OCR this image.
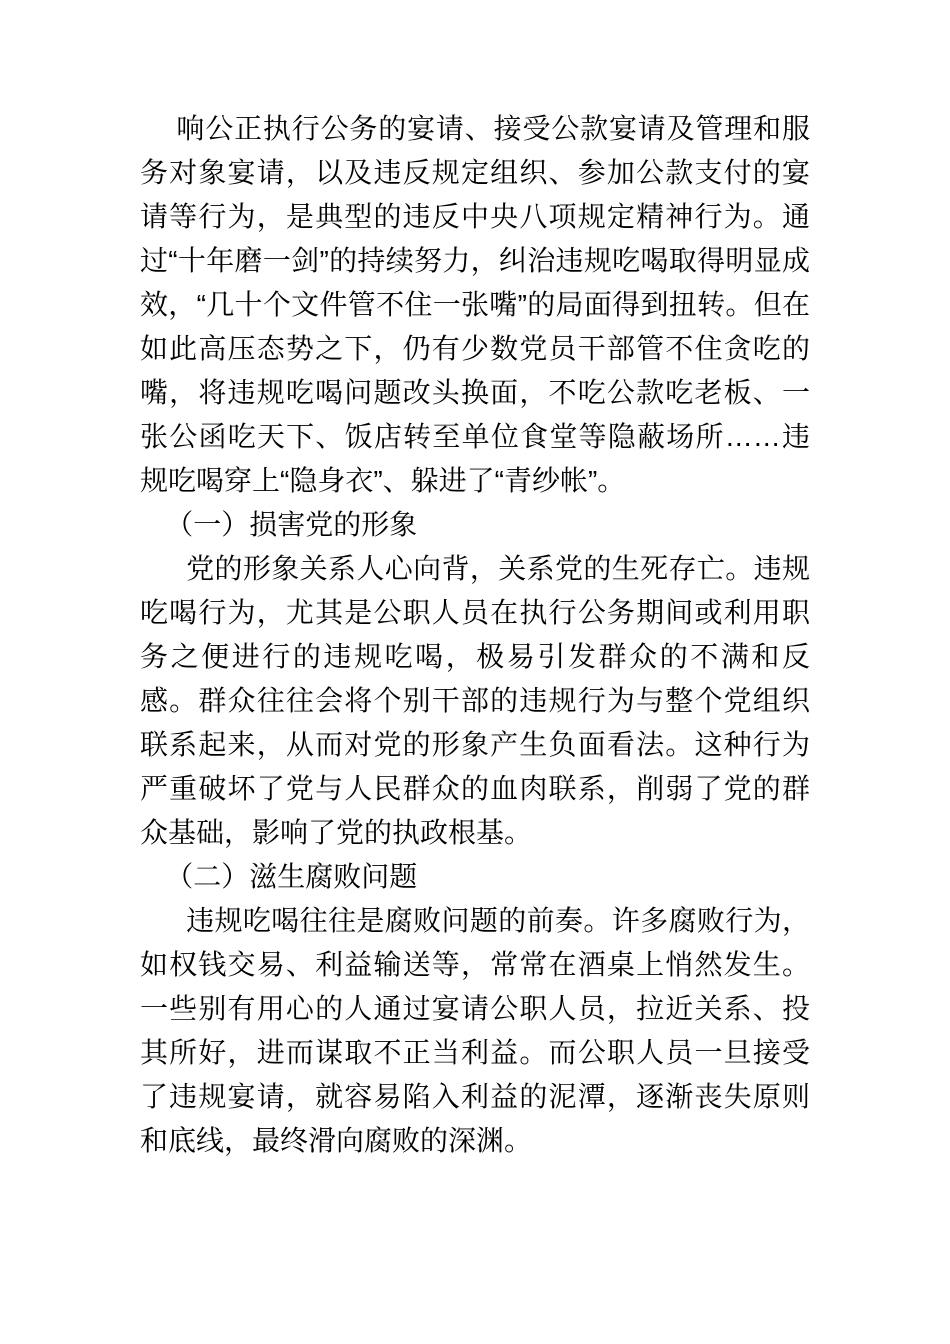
响公正执行公务的宴请、接受公款宴请及管理和服务对象宴请，以及违反规定组织、参加公款支付的宴请等行为，是典型的违反中央八项规定精神行为。通过“十年磨一剑”的持续努力，纠治违规吃喝取得明显成效，“几十个文件管不住一张嘴”的局面得到扭转。但在如此高压态势之下，仍有少数党员干部管不住贪吃的嘴，将违规吃喝问题改头换面，不吃公款吃老板、一张公函吃天下、饭店转至单位食堂等隐蔽场所……违规吃喝穿上“隐身衣”、躲进了“青纱帐”。

（一）损害党的形象

党的形象关系人心向背，关系党的生死存亡。违规吃喝行为，尤其是公职人员在执行公务期间或利用职务之便进行的违规吃喝，极易引发群众的不满和反感。群众往往会将个别干部的违规行为与整个党组织联系起来，从而对党的形象产生负面看法。这种行为严重破坏了党与人民群众的血肉联系，削弱了党的群众基础，影响了党的执政根基。

（二）滋生腐败问题

违规吃喝往往是腐败问题的前奏。许多腐败行为，如权钱交易、利益输送等，常常在酒桌上悄然发生。一些别有用心的人通过宴请公职人员，拉近关系、投其所好，进而谋取不正当利益。而公职人员一旦接受了违规宴请，就容易陷入利益的泥潭，逐渐丧失原则和底线，最终滑向腐败的深渊。
